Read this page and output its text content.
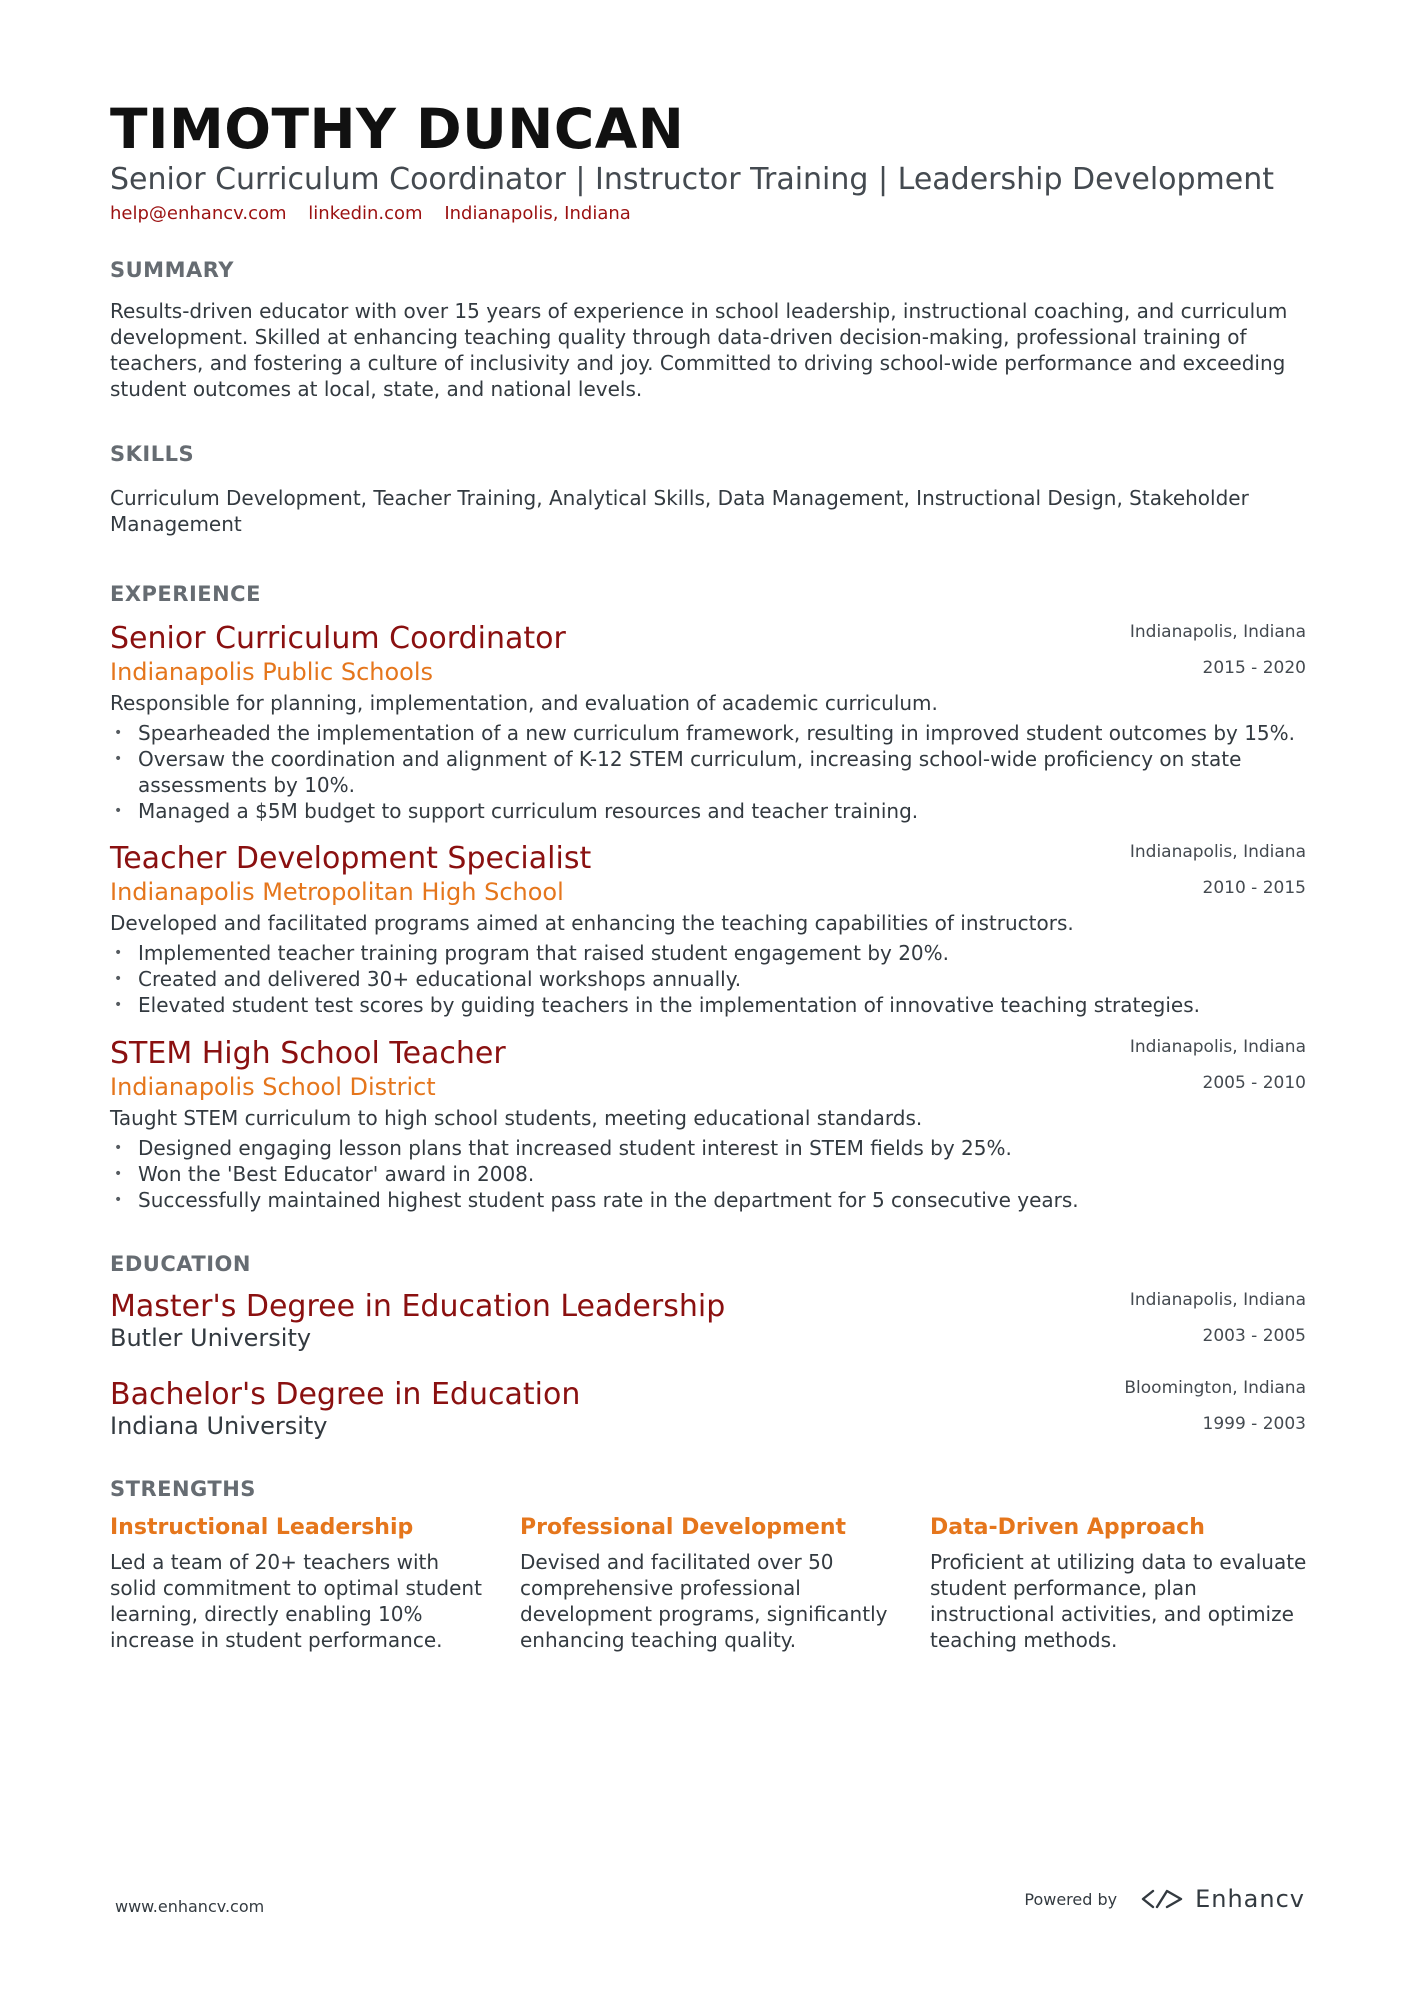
TIMOTHY DUNCAN
Senior Curriculum Coordinator | Instructor Training | Leadership Development
help@enhancv.com linkedin.com Indianapolis, Indiana
SUMMARY
Results-driven educator with over 15 years of experience in school leadership, instructional coaching, and curriculum development. Skilled at enhancing teaching quality through data-driven decision-making, professional training of teachers, and fostering a culture of inclusivity and joy. Committed to driving school-wide performance and exceeding student outcomes at local, state, and national levels.
SKILLS
Curriculum Development, Teacher Training, Analytical Skills, Data Management, Instructional Design, Stakeholder Management
EXPERIENCE
Senior Curriculum Coordinator	Indianapolis, Indiana
Indianapolis Public Schools	2015 - 2020
Responsible for planning, implementation, and evaluation of academic curriculum.
• Spearheaded the implementation of a new curriculum framework, resulting in improved student outcomes by 15%.
• Oversaw the coordination and alignment of K-12 STEM curriculum, increasing school-wide proficiency on state assessments by 10%.
• Managed a $5M budget to support curriculum resources and teacher training.
Teacher Development Specialist	Indianapolis, Indiana
Indianapolis Metropolitan High School	2010 - 2015
Developed and facilitated programs aimed at enhancing the teaching capabilities of instructors.
• Implemented teacher training program that raised student engagement by 20%.
• Created and delivered 30+ educational workshops annually.
• Elevated student test scores by guiding teachers in the implementation of innovative teaching strategies.
STEM High School Teacher	Indianapolis, Indiana
Indianapolis School District	2005 - 2010
Taught STEM curriculum to high school students, meeting educational standards.
• Designed engaging lesson plans that increased student interest in STEM fields by 25%.
• Won the 'Best Educator' award in 2008.
• Successfully maintained highest student pass rate in the department for 5 consecutive years.
EDUCATION
Master's Degree in Education Leadership	Indianapolis, Indiana
Butler University	2003 - 2005
Bachelor's Degree in Education	Bloomington, Indiana
Indiana University	1999 - 2003
STRENGTHS
Instructional Leadership
Led a team of 20+ teachers with solid commitment to optimal student learning, directly enabling 10% increase in student performance.
Professional Development
Devised and facilitated over 50 comprehensive professional development programs, significantly enhancing teaching quality.
Data-Driven Approach
Proficient at utilizing data to evaluate student performance, plan instructional activities, and optimize teaching methods.
www.enhancv.com	Powered by	Enhancv
